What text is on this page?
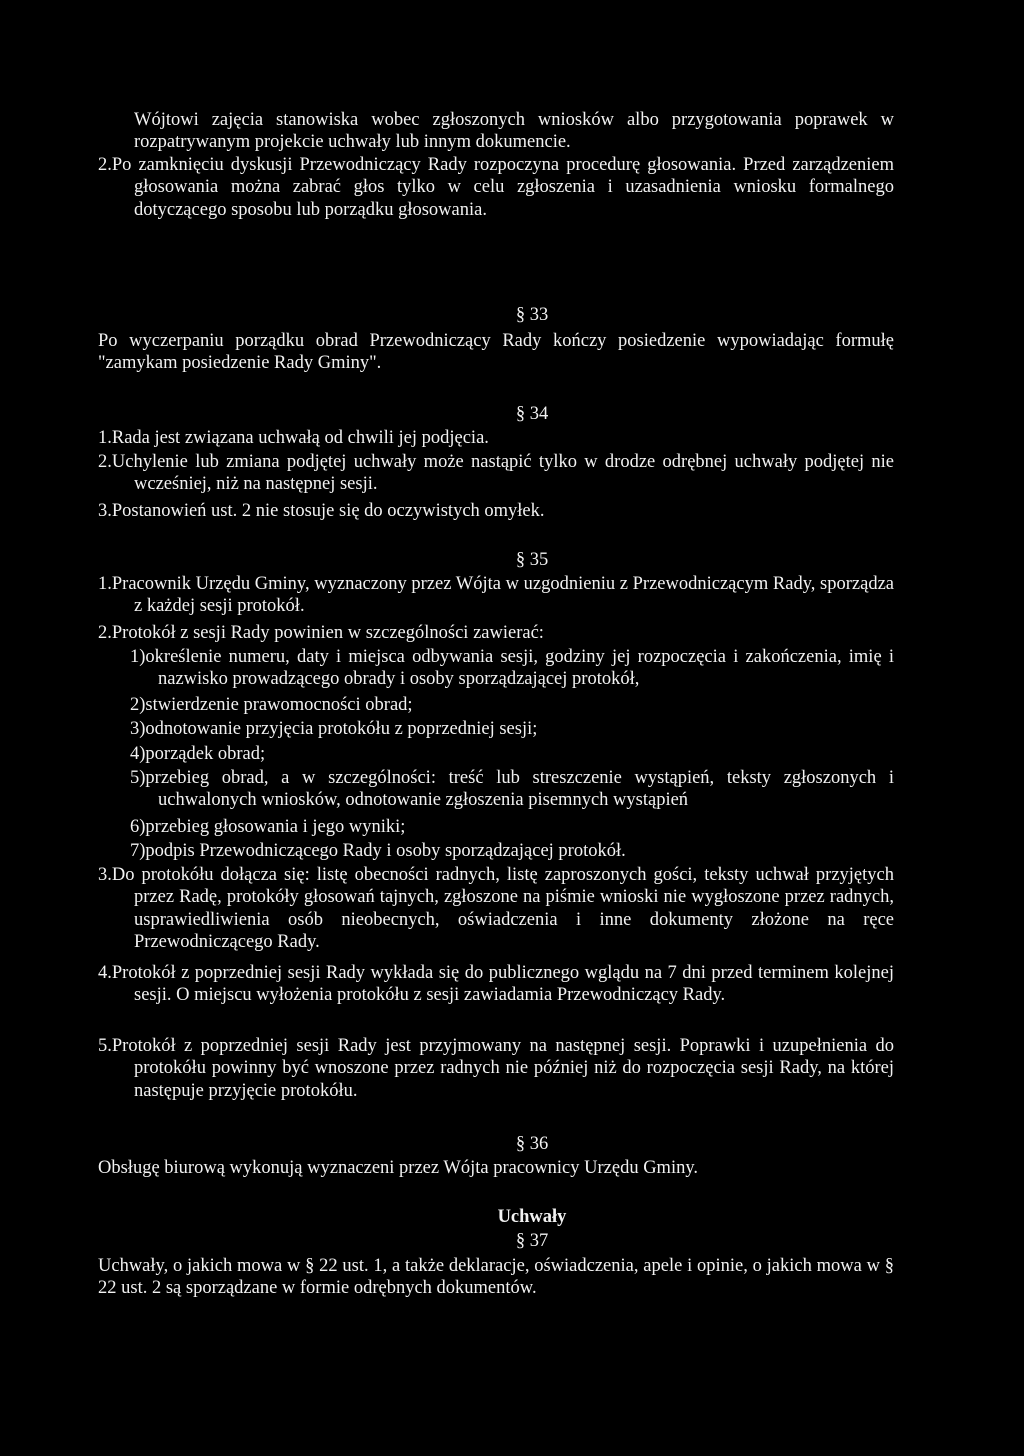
Wójtowi zajęcia stanowiska wobec zgłoszonych wniosków albo przygotowania poprawek w rozpatrywanym projekcie uchwały lub innym dokumencie.
2.Po zamknięciu dyskusji Przewodniczący Rady rozpoczyna procedurę głosowania. Przed zarządzeniem głosowania można zabrać głos tylko w celu zgłoszenia i uzasadnienia wniosku formalnego dotyczącego sposobu lub porządku głosowania.
§ 33
Po wyczerpaniu porządku obrad Przewodniczący Rady kończy posiedzenie wypowiadając formułę "zamykam posiedzenie Rady Gminy".
§ 34
1.Rada jest związana uchwałą od chwili jej podjęcia.
2.Uchylenie lub zmiana podjętej uchwały może nastąpić tylko w drodze odrębnej uchwały podjętej nie wcześniej, niż na następnej sesji.
3.Postanowień ust. 2 nie stosuje się do oczywistych omyłek.
§ 35
1.Pracownik Urzędu Gminy, wyznaczony przez Wójta w uzgodnieniu z Przewodniczącym Rady, sporządza z każdej sesji protokół.
2.Protokół z sesji Rady powinien w szczególności zawierać:
1)określenie numeru, daty i miejsca odbywania sesji, godziny jej rozpoczęcia i zakończenia, imię i nazwisko prowadzącego obrady i osoby sporządzającej protokół,
2)stwierdzenie prawomocności obrad;
3)odnotowanie przyjęcia protokółu z poprzedniej sesji;
4)porządek obrad;
5)przebieg obrad, a w szczególności: treść lub streszczenie wystąpień, teksty zgłoszonych i uchwalonych wniosków, odnotowanie zgłoszenia pisemnych wystąpień
6)przebieg głosowania i jego wyniki;
7)podpis Przewodniczącego Rady i osoby sporządzającej protokół.
3.Do protokółu dołącza się: listę obecności radnych, listę zaproszonych gości, teksty uchwał przyjętych przez Radę, protokóły głosowań tajnych, zgłoszone na piśmie wnioski nie wygłoszone przez radnych, usprawiedliwienia osób nieobecnych, oświadczenia i inne dokumenty złożone na ręce Przewodniczącego Rady.
4.Protokół z poprzedniej sesji Rady wykłada się do publicznego wglądu na 7 dni przed terminem kolejnej sesji. O miejscu wyłożenia protokółu z sesji zawiadamia Przewodniczący Rady.
5.Protokół z poprzedniej sesji Rady jest przyjmowany na następnej sesji. Poprawki i uzupełnienia do protokółu powinny być wnoszone przez radnych nie później niż do rozpoczęcia sesji Rady, na której następuje przyjęcie protokółu.
§ 36
Obsługę biurową wykonują wyznaczeni przez Wójta pracownicy Urzędu Gminy.
Uchwały
§ 37
Uchwały, o jakich mowa w § 22 ust. 1, a także deklaracje, oświadczenia, apele i opinie, o jakich mowa w § 22 ust. 2 są sporządzane w formie odrębnych dokumentów.
